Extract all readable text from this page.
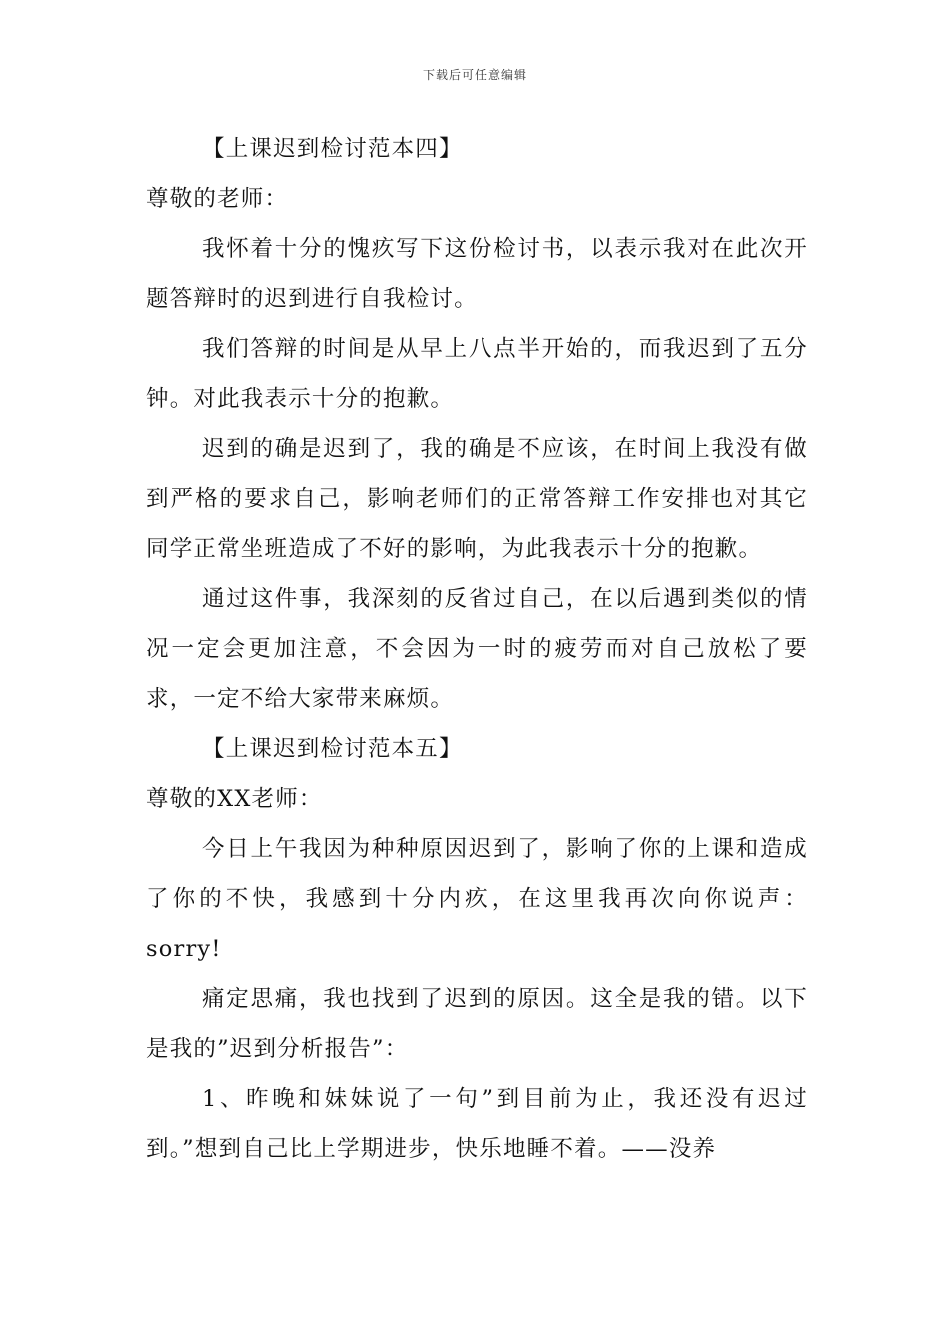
下载后可任意编辑

【上课迟到检讨范本四】

尊敬的老师：

我怀着十分的愧疚写下这份检讨书，以表示我对在此次开题答辩时的迟到进行自我检讨。

我们答辩的时间是从早上八点半开始的，而我迟到了五分钟。对此我表示十分的抱歉。

迟到的确是迟到了，我的确是不应该，在时间上我没有做到严格的要求自己，影响老师们的正常答辩工作安排也对其它同学正常坐班造成了不好的影响，为此我表示十分的抱歉。

通过这件事，我深刻的反省过自己，在以后遇到类似的情况一定会更加注意，不会因为一时的疲劳而对自己放松了要求，一定不给大家带来麻烦。

【上课迟到检讨范本五】

尊敬的XX老师：

今日上午我因为种种原因迟到了，影响了你的上课和造成了你的不快，我感到十分内疚，在这里我再次向你说声：sorry!

痛定思痛，我也找到了迟到的原因。这全是我的错。以下是我的”迟到分析报告”：

1、昨晚和妹妹说了一句”到目前为止，我还没有迟过到。”想到自己比上学期进步，快乐地睡不着。——没养
